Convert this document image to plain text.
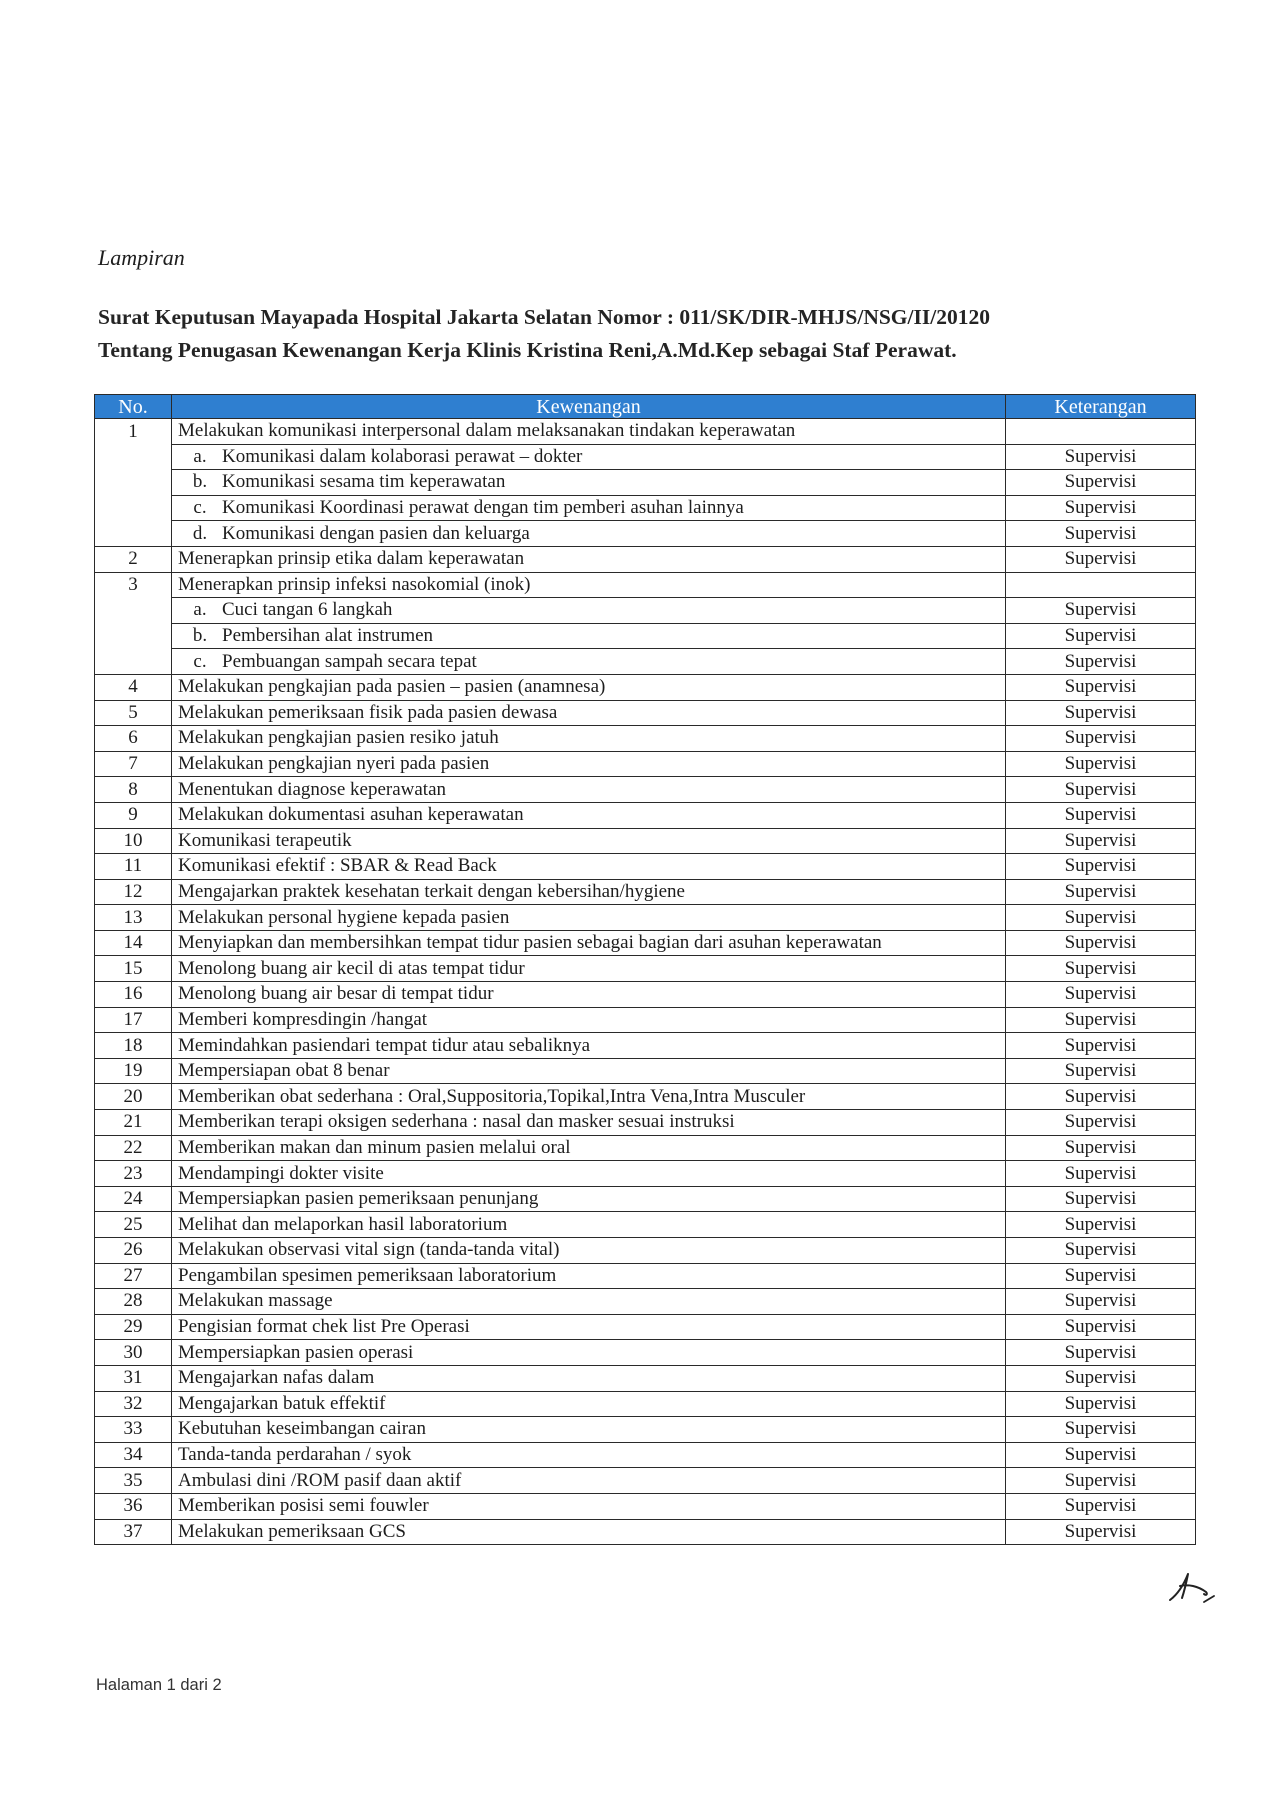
Lampiran
Surat Keputusan Mayapada Hospital Jakarta Selatan Nomor : 011/SK/DIR-MHJS/NSG/II/20120
Tentang Penugasan Kewenangan Kerja Klinis Kristina Reni,A.Md.Kep sebagai Staf Perawat.
No.	Kewenangan	Keterangan
1	Melakukan komunikasi interpersonal dalam melaksanakan tindakan keperawatan	
	a. Komunikasi dalam kolaborasi perawat – dokter	Supervisi
	b. Komunikasi sesama tim keperawatan	Supervisi
	c. Komunikasi Koordinasi perawat dengan tim pemberi asuhan lainnya	Supervisi
	d. Komunikasi dengan pasien dan keluarga	Supervisi
2	Menerapkan prinsip etika dalam keperawatan	Supervisi
3	Menerapkan prinsip infeksi nasokomial (inok)	
	a. Cuci tangan 6 langkah	Supervisi
	b. Pembersihan alat instrumen	Supervisi
	c. Pembuangan sampah secara tepat	Supervisi
4	Melakukan pengkajian pada pasien – pasien (anamnesa)	Supervisi
5	Melakukan pemeriksaan fisik pada pasien dewasa	Supervisi
6	Melakukan pengkajian pasien resiko jatuh	Supervisi
7	Melakukan pengkajian nyeri pada pasien	Supervisi
8	Menentukan diagnose keperawatan	Supervisi
9	Melakukan dokumentasi asuhan keperawatan	Supervisi
10	Komunikasi terapeutik	Supervisi
11	Komunikasi efektif : SBAR & Read Back	Supervisi
12	Mengajarkan praktek kesehatan terkait dengan kebersihan/hygiene	Supervisi
13	Melakukan personal hygiene kepada pasien	Supervisi
14	Menyiapkan dan membersihkan tempat tidur pasien sebagai bagian dari asuhan keperawatan	Supervisi
15	Menolong buang air kecil di atas tempat tidur	Supervisi
16	Menolong buang air besar di tempat tidur	Supervisi
17	Memberi kompresdingin /hangat	Supervisi
18	Memindahkan pasiendari tempat tidur atau sebaliknya	Supervisi
19	Mempersiapan obat 8 benar	Supervisi
20	Memberikan obat sederhana : Oral,Suppositoria,Topikal,Intra Vena,Intra Musculer	Supervisi
21	Memberikan terapi oksigen sederhana : nasal dan masker sesuai instruksi	Supervisi
22	Memberikan makan dan minum pasien melalui oral	Supervisi
23	Mendampingi dokter visite	Supervisi
24	Mempersiapkan pasien pemeriksaan penunjang	Supervisi
25	Melihat dan melaporkan hasil laboratorium	Supervisi
26	Melakukan observasi vital sign (tanda-tanda vital)	Supervisi
27	Pengambilan spesimen pemeriksaan laboratorium	Supervisi
28	Melakukan massage	Supervisi
29	Pengisian format chek list Pre Operasi	Supervisi
30	Mempersiapkan pasien operasi	Supervisi
31	Mengajarkan nafas dalam	Supervisi
32	Mengajarkan batuk effektif	Supervisi
33	Kebutuhan keseimbangan cairan	Supervisi
34	Tanda-tanda perdarahan / syok	Supervisi
35	Ambulasi dini /ROM pasif daan aktif	Supervisi
36	Memberikan posisi semi fouwler	Supervisi
37	Melakukan pemeriksaan GCS	Supervisi
Halaman 1 dari 2
